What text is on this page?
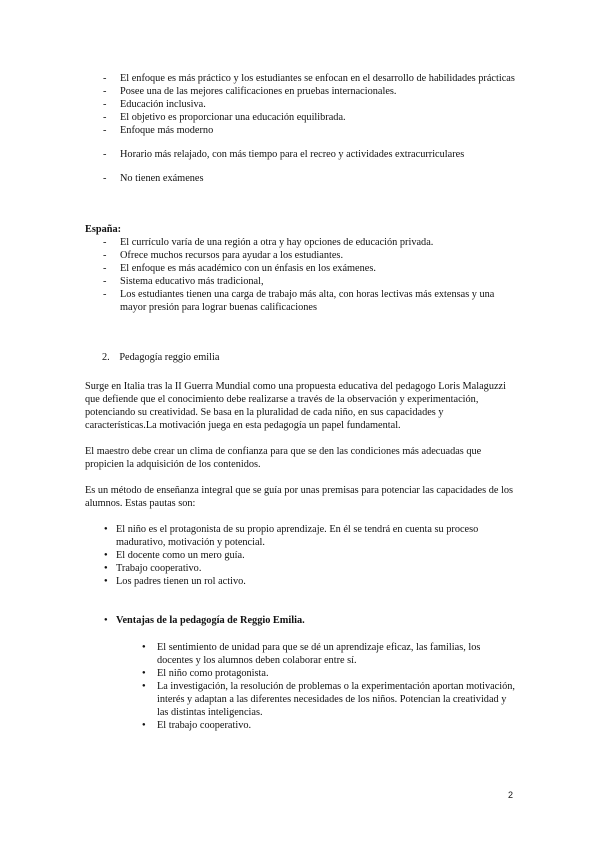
- El enfoque es más práctico y los estudiantes se enfocan en el desarrollo de habilidades prácticas
- Posee una de las mejores calificaciones en pruebas internacionales.
- Educación inclusiva.
- El objetivo es proporcionar una educación equilibrada.
- Enfoque más moderno
- Horario más relajado, con más tiempo para el recreo y actividades extracurriculares
- No tienen exámenes
España:
- El currículo varía de una región a otra y hay opciones de educación privada.
- Ofrece muchos recursos para ayudar a los estudiantes.
- El enfoque es más académico con un énfasis en los exámenes.
- Sistema educativo más tradicional,
- Los estudiantes tienen una carga de trabajo más alta, con horas lectivas más extensas y una mayor presión para lograr buenas calificaciones
2. Pedagogía reggio emilia

Surge en Italia tras la II Guerra Mundial como una propuesta educativa del pedagogo Loris Malaguzzi que defiende que el conocimiento debe realizarse a través de la observación y experimentación, potenciando su creatividad. Se basa en la pluralidad de cada niño, en sus capacidades y características.La motivación juega en esta pedagogía un papel fundamental.

El maestro debe crear un clima de confianza para que se den las condiciones más adecuadas que propicien la adquisición de los contenidos.

Es un método de enseñanza integral que se guía por unas premisas para potenciar las capacidades de los alumnos. Estas pautas son:

● El niño es el protagonista de su propio aprendizaje. En él se tendrá en cuenta su proceso madurativo, motivación y potencial.
● El docente como un mero guía.
● Trabajo cooperativo.
● Los padres tienen un rol activo.
● Ventajas de la pedagogía de Reggio Emilia.
● El sentimiento de unidad para que se dé un aprendizaje eficaz, las familias, los docentes y los alumnos deben colaborar entre sí.
● El niño como protagonista.
● La investigación, la resolución de problemas o la experimentación aportan motivación, interés y adaptan a las diferentes necesidades de los niños. Potencian la creatividad y las distintas inteligencias.
● El trabajo cooperativo.
2
